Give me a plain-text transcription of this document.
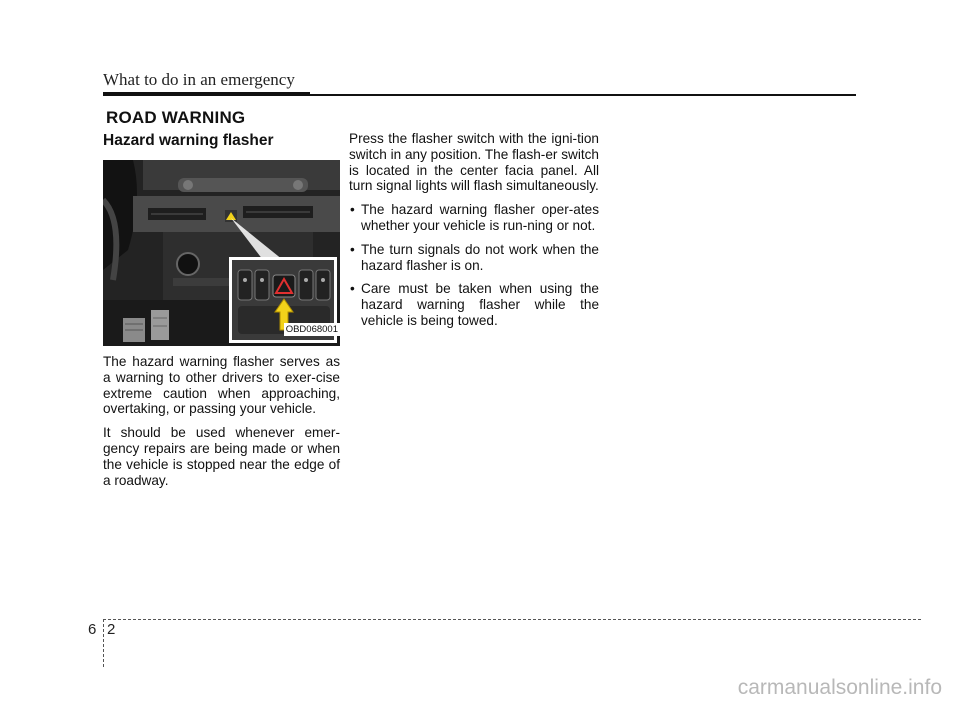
What to do in an emergency
ROAD WARNING
Hazard warning flasher
OBD068001

The hazard warning flasher serves as a warning to other drivers to exer-cise extreme caution when approaching, overtaking, or passing your vehicle.

It should be used whenever emer-gency repairs are being made or when the vehicle is stopped near the edge of a roadway.

Press the flasher switch with the igni-tion switch in any position. The flash-er switch is located in the center facia panel. All turn signal lights will flash simultaneously.

• The hazard warning flasher oper-ates whether your vehicle is run-ning or not.
• The turn signals do not work when the hazard flasher is on.
• Care must be taken when using the hazard warning flasher while the vehicle is being towed.
6 2
carmanualsonline.info
